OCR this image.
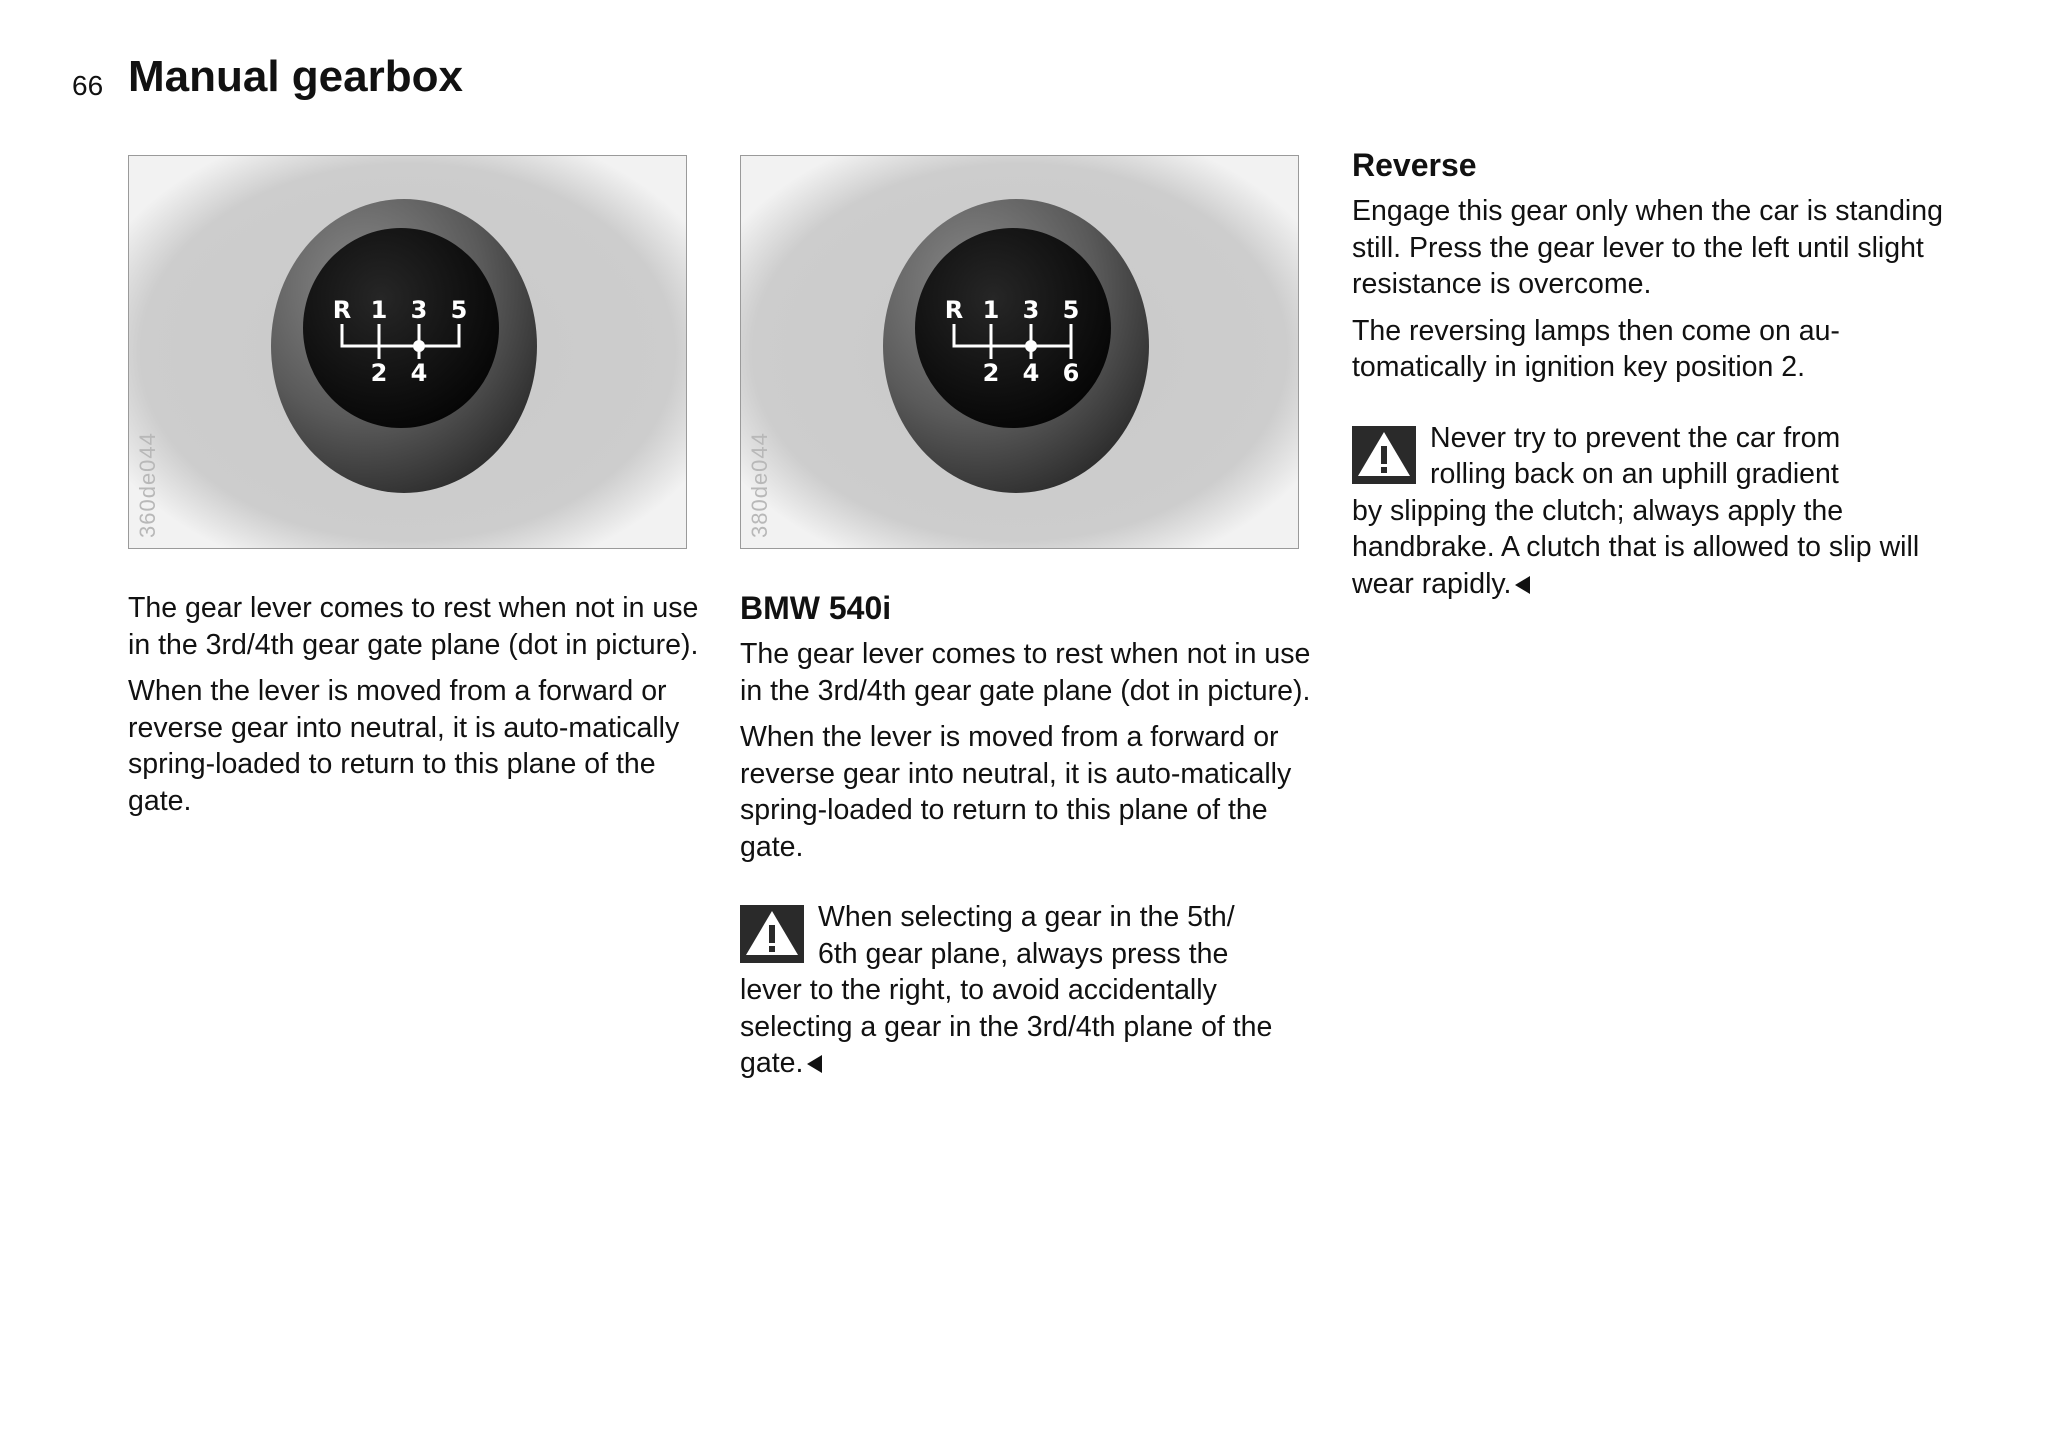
66 Manual gearbox
R 1 3 5
2 4
360de044
R 1 3 5
2 4 6
380de044

The gear lever comes to rest when not in use in the 3rd/4th gear gate plane (dot in picture).

When the lever is moved from a forward or reverse gear into neutral, it is auto-matically spring-loaded to return to this plane of the gate.

BMW 540i

The gear lever comes to rest when not in use in the 3rd/4th gear gate plane (dot in picture).

When the lever is moved from a forward or reverse gear into neutral, it is auto-matically spring-loaded to return to this plane of the gate.

When selecting a gear in the 5th/
6th gear plane, always press the
lever to the right, to avoid accidentally selecting a gear in the 3rd/4th plane of the gate.
Reverse

Engage this gear only when the car is standing still. Press the gear lever to the left until slight resistance is overcome.

The reversing lamps then come on au-tomatically in ignition key position 2.

Never try to prevent the car from
rolling back on an uphill gradient
by slipping the clutch; always apply the handbrake. A clutch that is allowed to slip will wear rapidly.
